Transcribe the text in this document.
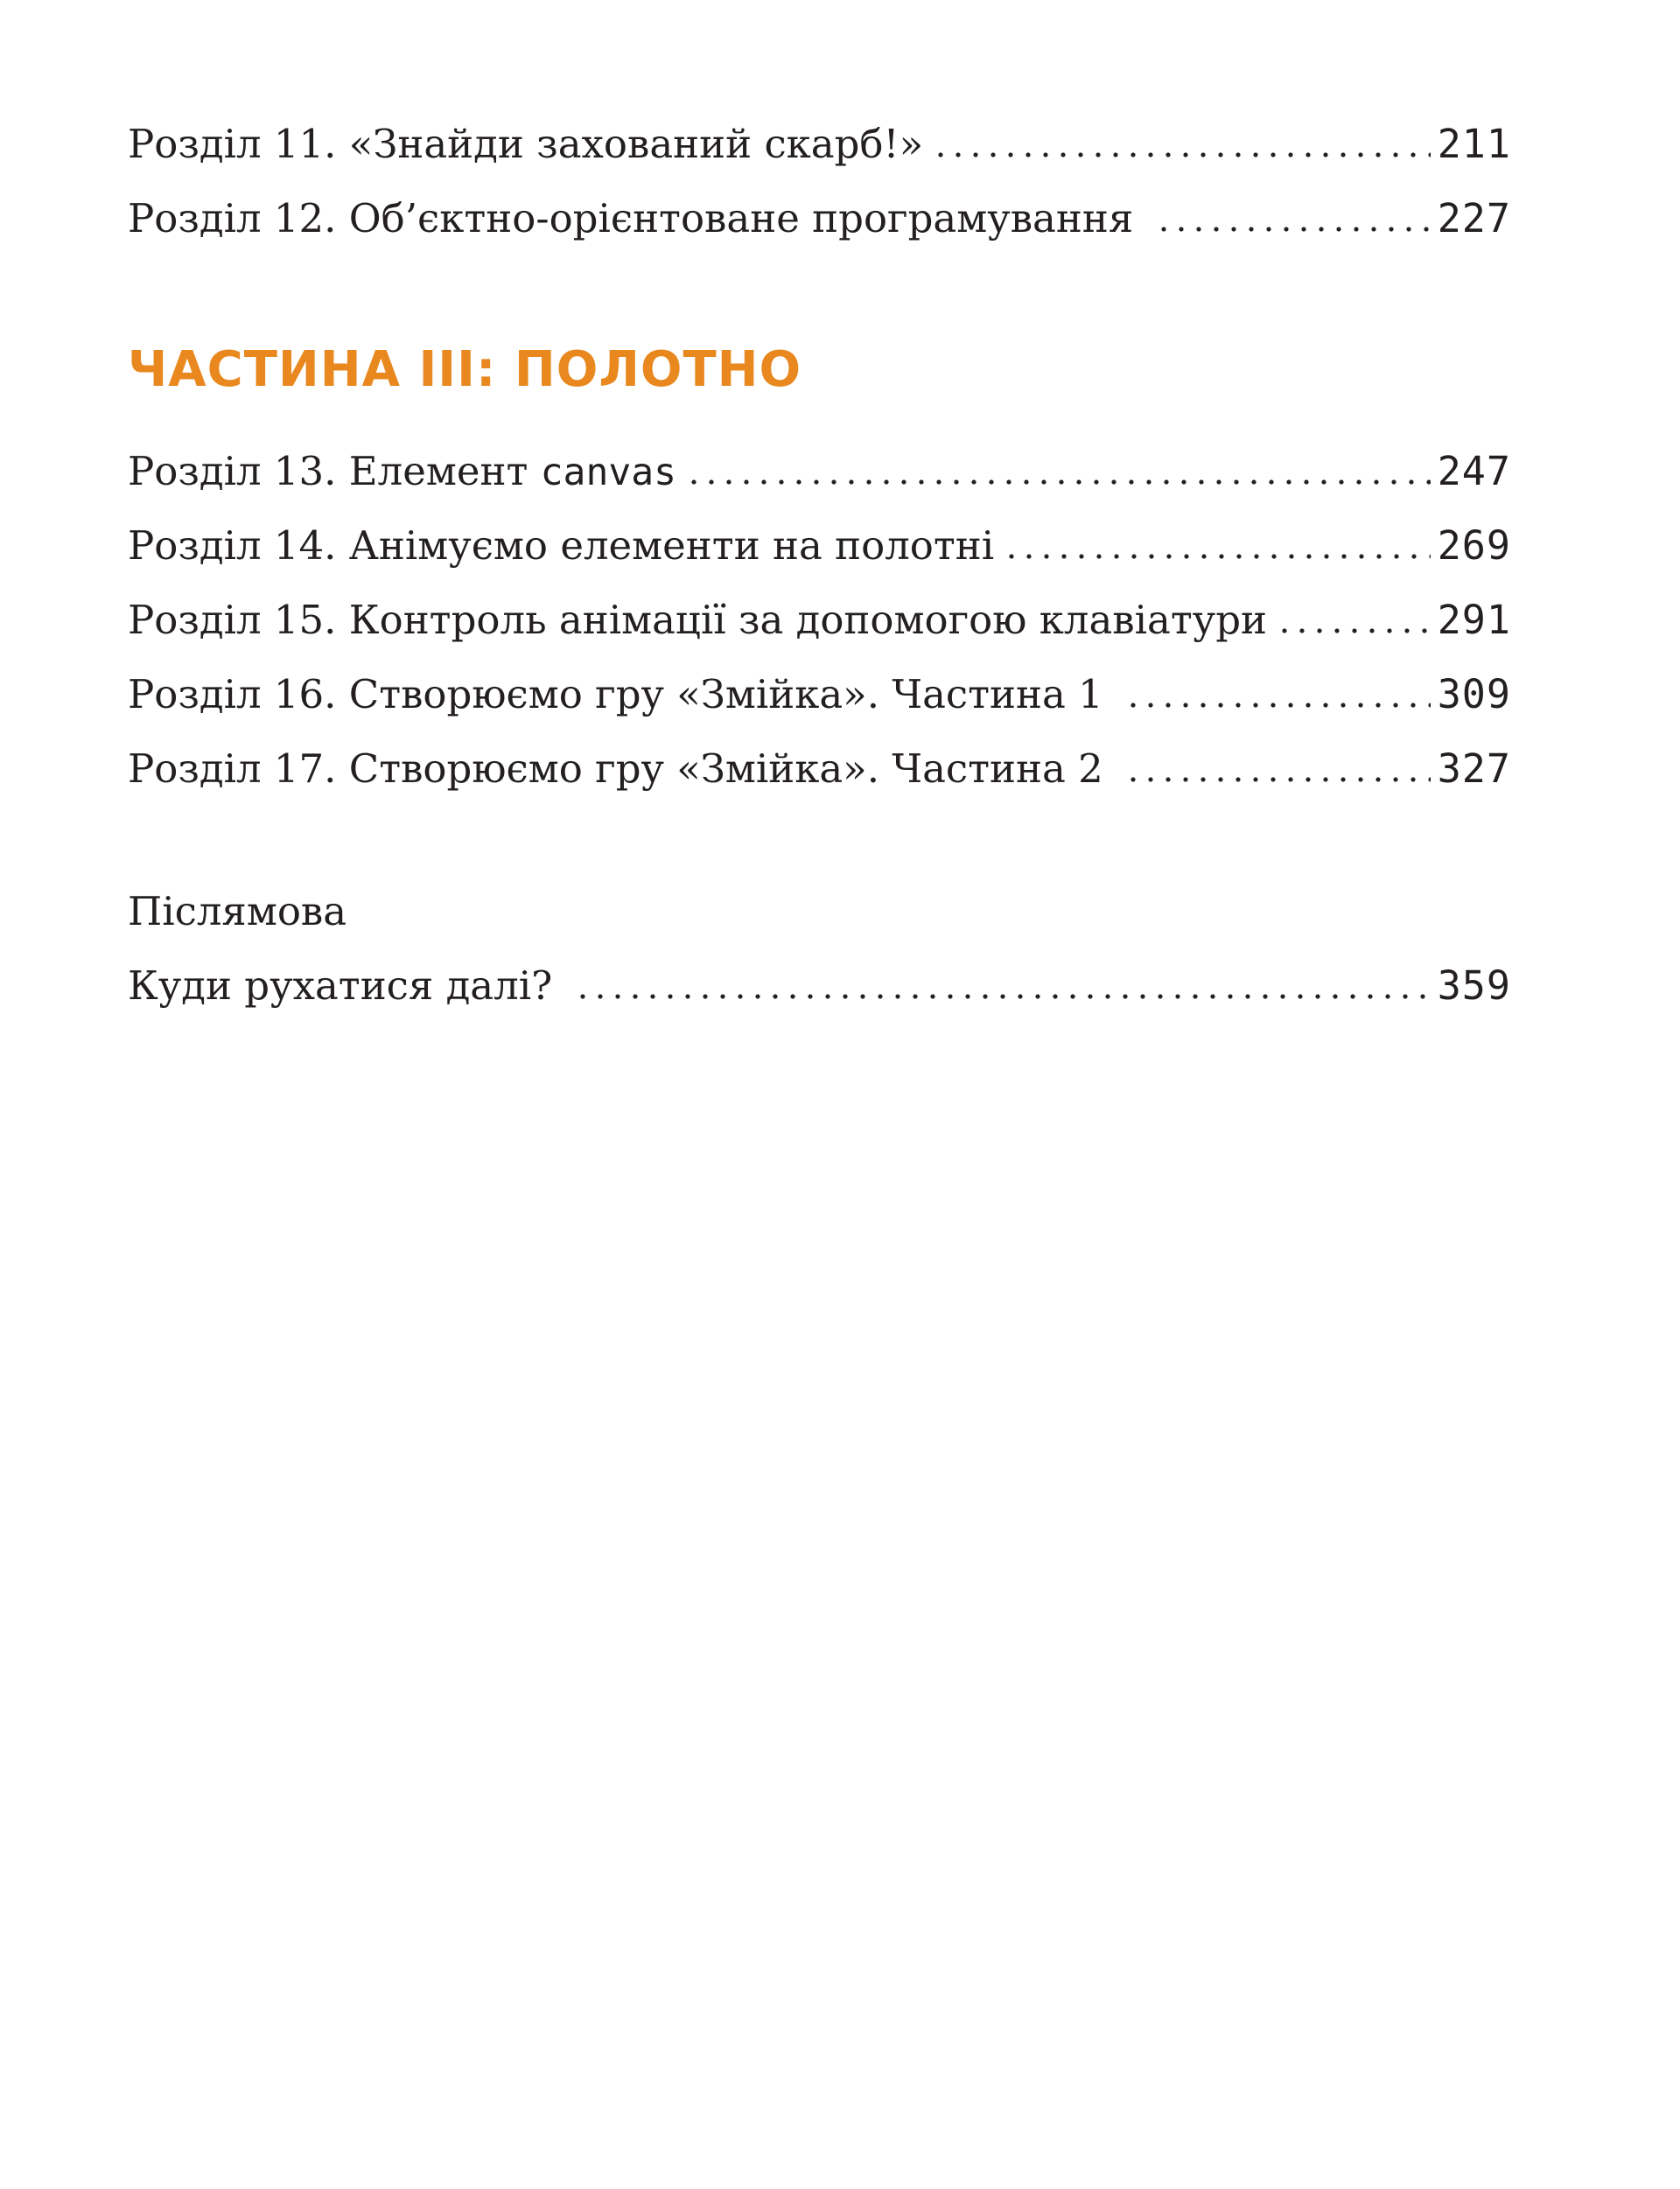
Розділ 11. «Знайди захований скарб!»	211
Розділ 12. Об’єктно-орієнтоване програмування	227
ЧАСТИНА III: ПОЛОТНО
Розділ 13. Елемент canvas	247
Розділ 14. Анімуємо елементи на полотні	269
Розділ 15. Контроль анімації за допомогою клавіатури	291
Розділ 16. Створюємо гру «Змійка». Частина 1	309
Розділ 17. Створюємо гру «Змійка». Частина 2	327
Післямова
Куди рухатися далі?	359
